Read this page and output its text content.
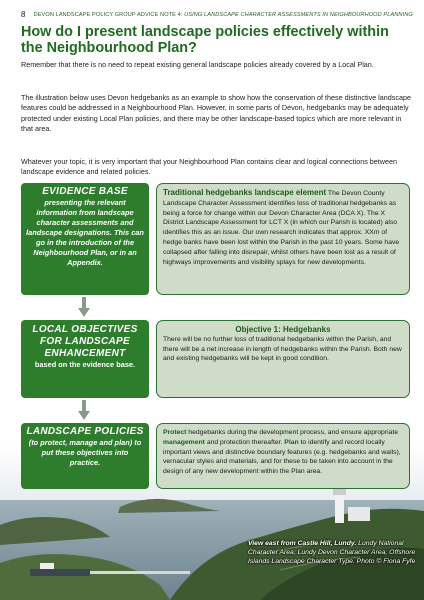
8 DEVON LANDSCAPE POLICY GROUP ADVICE NOTE 4: USING LANDSCAPE CHARACTER ASSESSMENTS IN NEIGHBOURHOOD PLANNING
How do I present landscape policies effectively within the Neighbourhood Plan?
Remember that there is no need to repeat existing general landscape policies already covered by a Local Plan.
The illustration below uses Devon hedgebanks as an example to show how the conservation of these distinctive landscape features could be addressed in a Neighbourhood Plan. However, in some parts of Devon, hedgebanks may be adequately protected under existing Local Plan policies, and there may be other landscape-based topics which are more relevant in that area.
Whatever your topic, it is very important that your Neighbourhood Plan contains clear and logical connections between landscape evidence and related policies.
EVIDENCE BASE
presenting the relevant information from landscape character assessments and landscape designations. This can go in the introduction of the Neighbourhood Plan, or in an Appendix.
Traditional hedgebanks landscape element The Devon County Landscape Character Assessment identifies loss of traditional hedgebanks as being a force for change within our Devon Character Area (DCA X). The X District Landscape Assessment for LCT X (in which our Parish is located) also identifies this as an issue. Our own research indicates that approx. XXm of hedge banks have been lost within the Parish in the past 10 years. Some have collapsed after falling into disrepair, whilst others have been lost as a result of highways improvements and visibility splays for new developments.
LOCAL OBJECTIVES FOR LANDSCAPE ENHANCEMENT
based on the evidence base.
Objective 1: Hedgebanks
There will be no further loss of traditional hedgebanks within the Parish, and there will be a net increase in length of hedgebanks within the Parish. Both new and existing hedgebanks will be kept in good condition.
LANDSCAPE POLICIES
(to protect, manage and plan) to put these objectives into practice.
Protect hedgebanks during the development process, and ensure appropriate management and protection thereafter. Plan to identify and record locally important views and distinctive boundary features (e.g. hedgebanks and walls), vernacular styles and materials, and for these to be taken into account in the design of any new development within the Plan area.
View east from Castle Hill, Lundy. Lundy National Character Area; Lundy Devon Character Area; Offshore Islands Landscape Character Type. Photo © Fiona Fyfe
